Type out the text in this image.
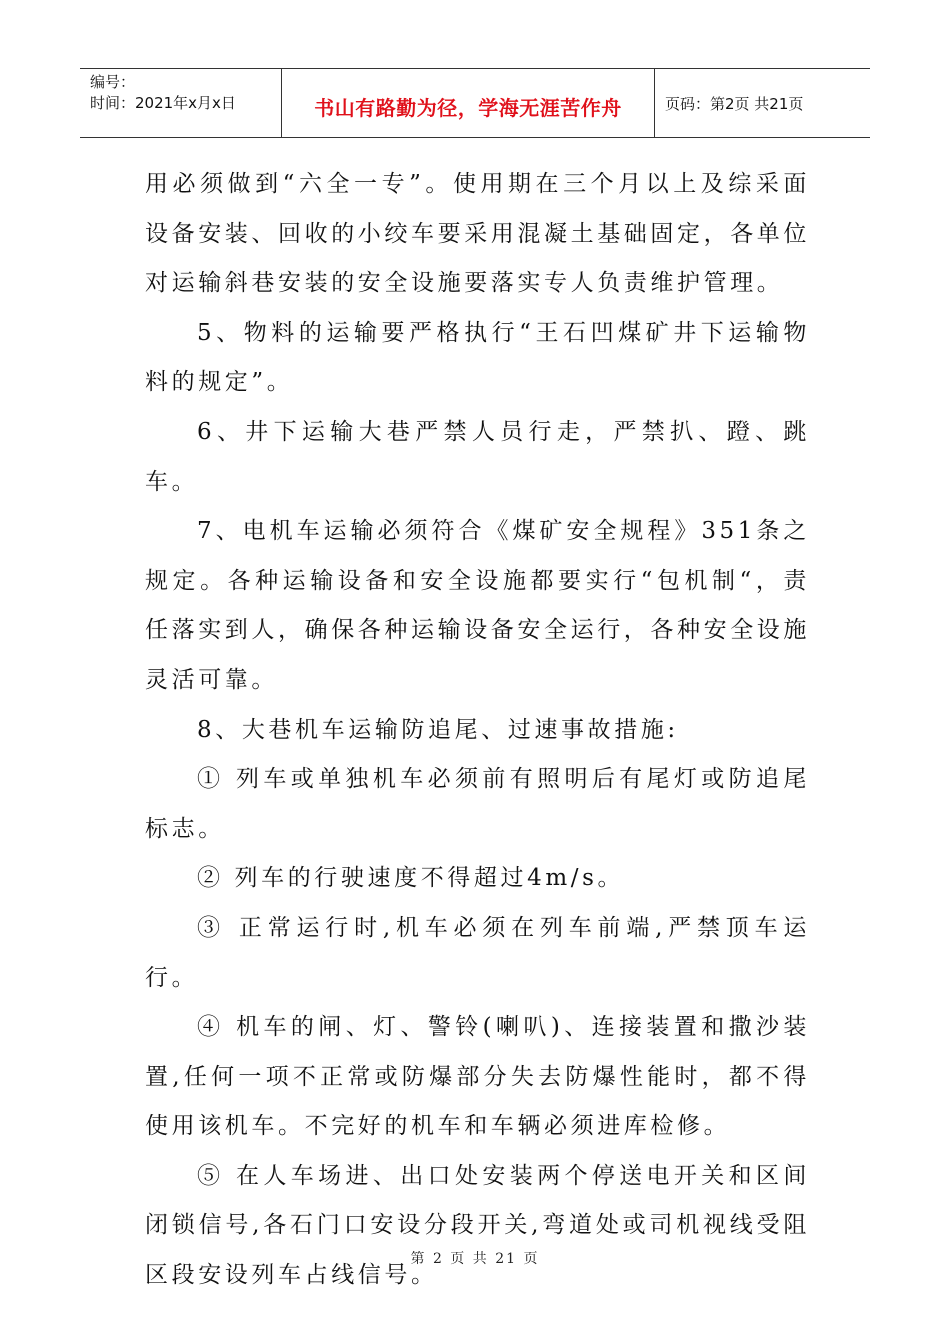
编号：
时间：2021年x月x日	书山有路勤为径，学海无涯苦作舟	页码：第2页 共21页

用必须做到“六全一专”。使用期在三个月以上及综采面设备安装、回收的小绞车要采用混凝土基础固定，各单位对运输斜巷安装的安全设施要落实专人负责维护管理。

5、物料的运输要严格执行“王石凹煤矿井下运输物料的规定”。

6、井下运输大巷严禁人员行走，严禁扒、蹬、跳车。

7、电机车运输必须符合《煤矿安全规程》351条之规定。各种运输设备和安全设施都要实行“包机制“，责任落实到人，确保各种运输设备安全运行，各种安全设施灵活可靠。

8、大巷机车运输防追尾、过速事故措施:

① 列车或单独机车必须前有照明后有尾灯或防追尾标志。

② 列车的行驶速度不得超过4m/s。

③ 正常运行时,机车必须在列车前端,严禁顶车运行。

④ 机车的闸、灯、警铃(喇叭)、连接装置和撒沙装置,任何一项不正常或防爆部分失去防爆性能时，都不得使用该机车。不完好的机车和车辆必须进库检修。

⑤ 在人车场进、出口处安装两个停送电开关和区间闭锁信号,各石门口安设分段开关,弯道处或司机视线受阻区段安设列车占线信号。

第 2 页 共 21 页
